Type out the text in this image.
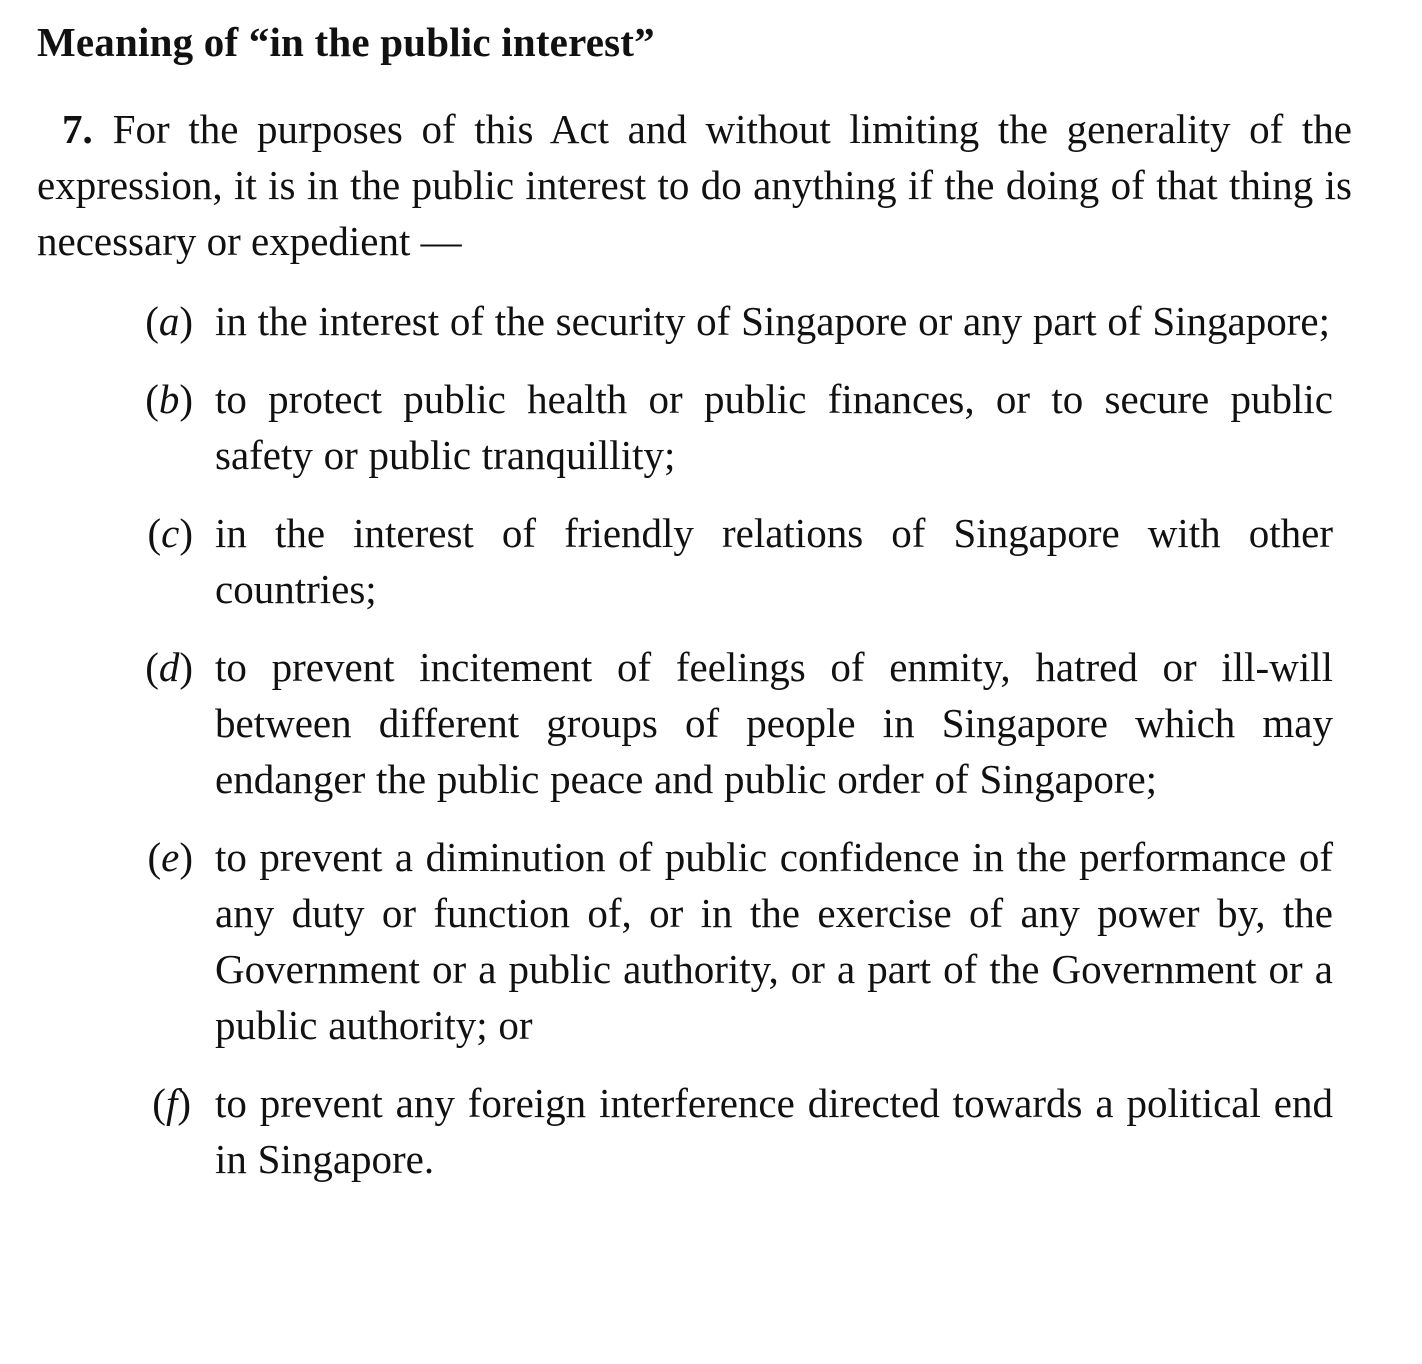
Meaning of “in the public interest”
7. For the purposes of this Act and without limiting the generality of the expression, it is in the public interest to do anything if the doing of that thing is necessary or expedient —
(a) in the interest of the security of Singapore or any part of Singapore;
(b) to protect public health or public finances, or to secure public safety or public tranquillity;
(c) in the interest of friendly relations of Singapore with other countries;
(d) to prevent incitement of feelings of enmity, hatred or ill-will between different groups of people in Singapore which may endanger the public peace and public order of Singapore;
(e) to prevent a diminution of public confidence in the performance of any duty or function of, or in the exercise of any power by, the Government or a public authority, or a part of the Government or a public authority; or
(f) to prevent any foreign interference directed towards a political end in Singapore.
